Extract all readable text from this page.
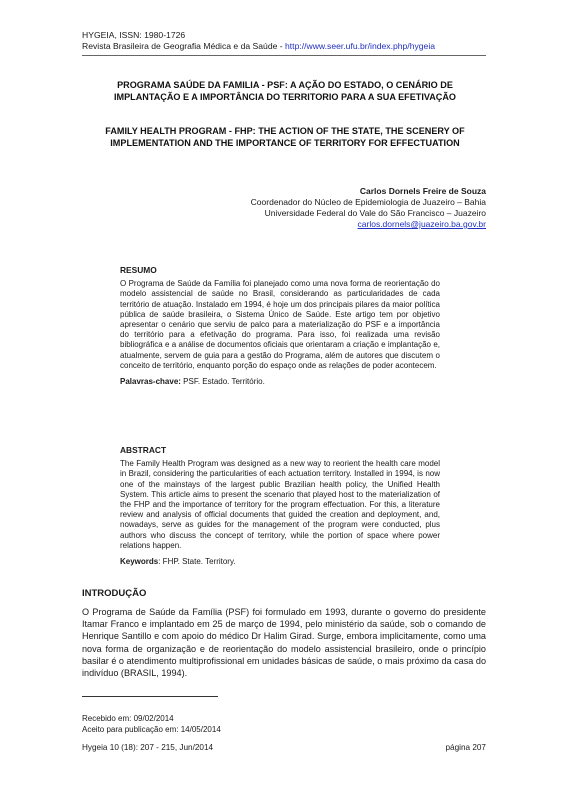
HYGEIA, ISSN: 1980-1726
Revista Brasileira de Geografia Médica e da Saúde - http://www.seer.ufu.br/index.php/hygeia
PROGRAMA SAÚDE DA FAMILIA - PSF: A AÇÃO DO ESTADO, O CENÁRIO DE IMPLANTAÇÃO E A IMPORTÂNCIA DO TERRITORIO PARA A SUA EFETIVAÇÃO
FAMILY HEALTH PROGRAM - FHP: THE ACTION OF THE STATE, THE SCENERY OF IMPLEMENTATION AND THE IMPORTANCE OF TERRITORY FOR EFFECTUATION
Carlos Dornels Freire de Souza
Coordenador do Núcleo de Epidemiologia de Juazeiro – Bahia
Universidade Federal do Vale do São Francisco – Juazeiro
carlos.dornels@juazeiro.ba.gov.br
RESUMO
O Programa de Saúde da Família foi planejado como uma nova forma de reorientação do modelo assistencial de saúde no Brasil, considerando as particularidades de cada território de atuação. Instalado em 1994, é hoje um dos principais pilares da maior política pública de saúde brasileira, o Sistema Único de Saúde. Este artigo tem por objetivo apresentar o cenário que serviu de palco para a materialização do PSF e a importância do território para a efetivação do programa. Para isso, foi realizada uma revisão bibliográfica e a análise de documentos oficiais que orientaram a criação e implantação e, atualmente, servem de guia para a gestão do Programa, além de autores que discutem o conceito de território, enquanto porção do espaço onde as relações de poder acontecem.
Palavras-chave: PSF. Estado. Território.
ABSTRACT
The Family Health Program was designed as a new way to reorient the health care model in Brazil, considering the particularities of each actuation territory. Installed in 1994, is now one of the mainstays of the largest public Brazilian health policy, the Unified Health System. This article aims to present the scenario that played host to the materialization of the FHP and the importance of territory for the program effectuation. For this, a literature review and analysis of official documents that guided the creation and deployment, and, nowadays, serve as guides for the management of the program were conducted, plus authors who discuss the concept of territory, while the portion of space where power relations happen.
Keywords: FHP. State. Territory.
INTRODUÇÃO
O Programa de Saúde da Família (PSF) foi formulado em 1993, durante o governo do presidente Itamar Franco e implantado em 25 de março de 1994, pelo ministério da saúde, sob o comando de Henrique Santillo e com apoio do médico Dr Halim Girad. Surge, embora implicitamente, como uma nova forma de organização e de reorientação do modelo assistencial brasileiro, onde o princípio basilar é o atendimento multiprofissional em unidades básicas de saúde, o mais próximo da casa do indivíduo (BRASIL, 1994).
Recebido em: 09/02/2014
Aceito para publicação em: 14/05/2014
Hygeia 10 (18): 207 - 215, Jun/2014	página 207
